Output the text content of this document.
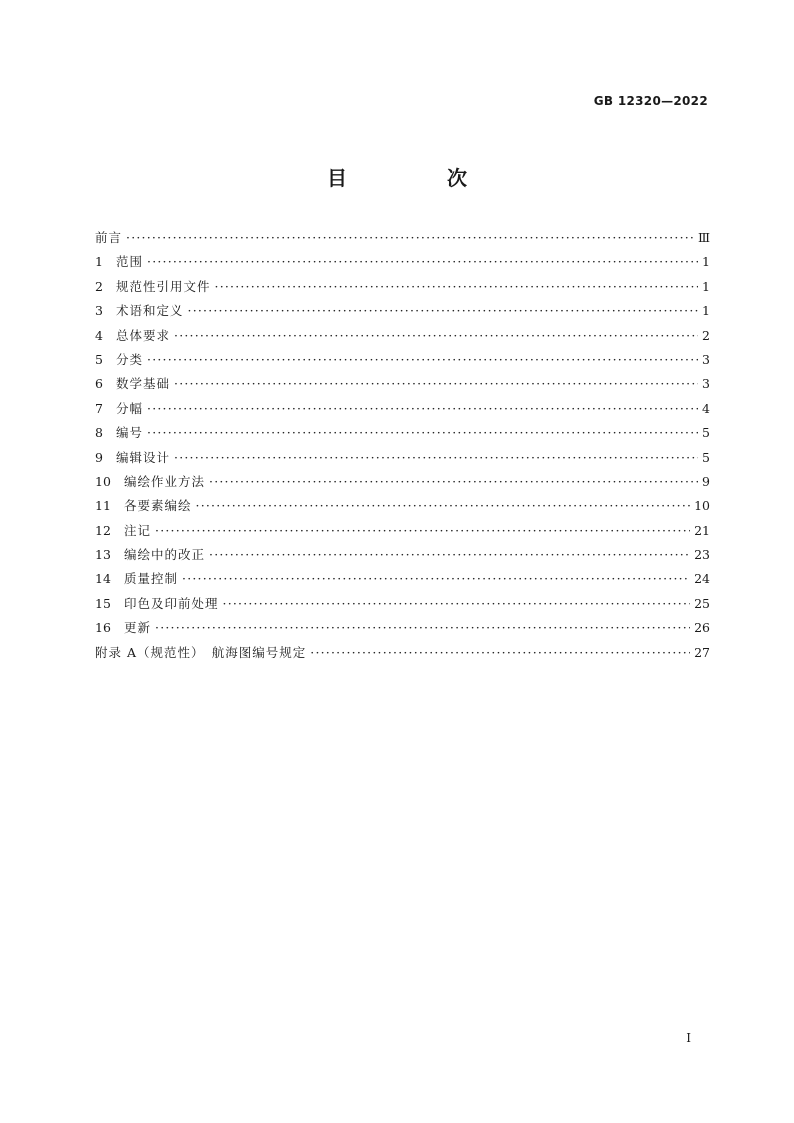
GB 12320—2022
目　次
前言 ·····	Ⅲ
1	范围 ·····	1
2	规范性引用文件 ·····	1
3	术语和定义 ·····	1
4	总体要求 ·····	2
5	分类 ·····	3
6	数学基础 ·····	3
7	分幅 ·····	4
8	编号 ·····	5
9	编辑设计 ·····	5
10	编绘作业方法 ·····	9
11	各要素编绘 ·····	10
12	注记 ·····	21
13	编绘中的改正 ·····	23
14	质量控制 ·····	24
15	印色及印前处理 ·····	25
16	更新 ·····	26
附录 A（规范性）　航海图编号规定 ·····	27
I
